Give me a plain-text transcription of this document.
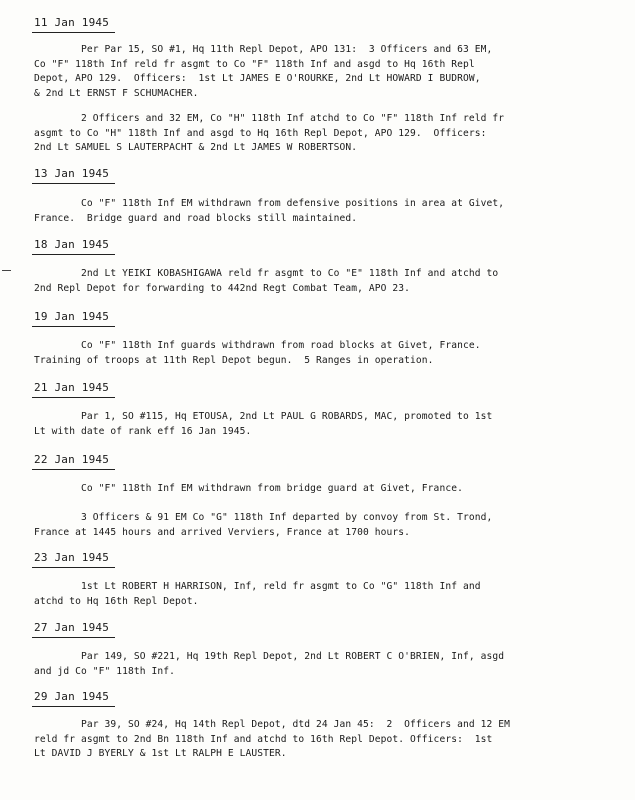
11 Jan 1945
Per Par 15, SO #1, Hq 11th Repl Depot, APO 131:  3 Officers and 63 EM,
Co "F" 118th Inf reld fr asgmt to Co "F" 118th Inf and asgd to Hq 16th Repl
Depot, APO 129.  Officers:  1st Lt JAMES E O'ROURKE, 2nd Lt HOWARD I BUDROW,
& 2nd Lt ERNST F SCHUMACHER.
2 Officers and 32 EM, Co "H" 118th Inf atchd to Co "F" 118th Inf reld fr
asgmt to Co "H" 118th Inf and asgd to Hq 16th Repl Depot, APO 129.  Officers:
2nd Lt SAMUEL S LAUTERPACHT & 2nd Lt JAMES W ROBERTSON.
13 Jan 1945
Co "F" 118th Inf EM withdrawn from defensive positions in area at Givet,
France.  Bridge guard and road blocks still maintained.
18 Jan 1945
2nd Lt YEIKI KOBASHIGAWA reld fr asgmt to Co "E" 118th Inf and atchd to
2nd Repl Depot for forwarding to 442nd Regt Combat Team, APO 23.
19 Jan 1945
Co "F" 118th Inf guards withdrawn from road blocks at Givet, France.
Training of troops at 11th Repl Depot begun.  5 Ranges in operation.
21 Jan 1945
Par 1, SO #115, Hq ETOUSA, 2nd Lt PAUL G ROBARDS, MAC, promoted to 1st
Lt with date of rank eff 16 Jan 1945.
22 Jan 1945
Co "F" 118th Inf EM withdrawn from bridge guard at Givet, France.
3 Officers & 91 EM Co "G" 118th Inf departed by convoy from St. Trond,
France at 1445 hours and arrived Verviers, France at 1700 hours.
23 Jan 1945
1st Lt ROBERT H HARRISON, Inf, reld fr asgmt to Co "G" 118th Inf and
atchd to Hq 16th Repl Depot.
27 Jan 1945
Par 149, SO #221, Hq 19th Repl Depot, 2nd Lt ROBERT C O'BRIEN, Inf, asgd
and jd Co "F" 118th Inf.
29 Jan 1945
Par 39, SO #24, Hq 14th Repl Depot, dtd 24 Jan 45:  2  Officers and 12 EM
reld fr asgmt to 2nd Bn 118th Inf and atchd to 16th Repl Depot. Officers:  1st
Lt DAVID J BYERLY & 1st Lt RALPH E LAUSTER.
